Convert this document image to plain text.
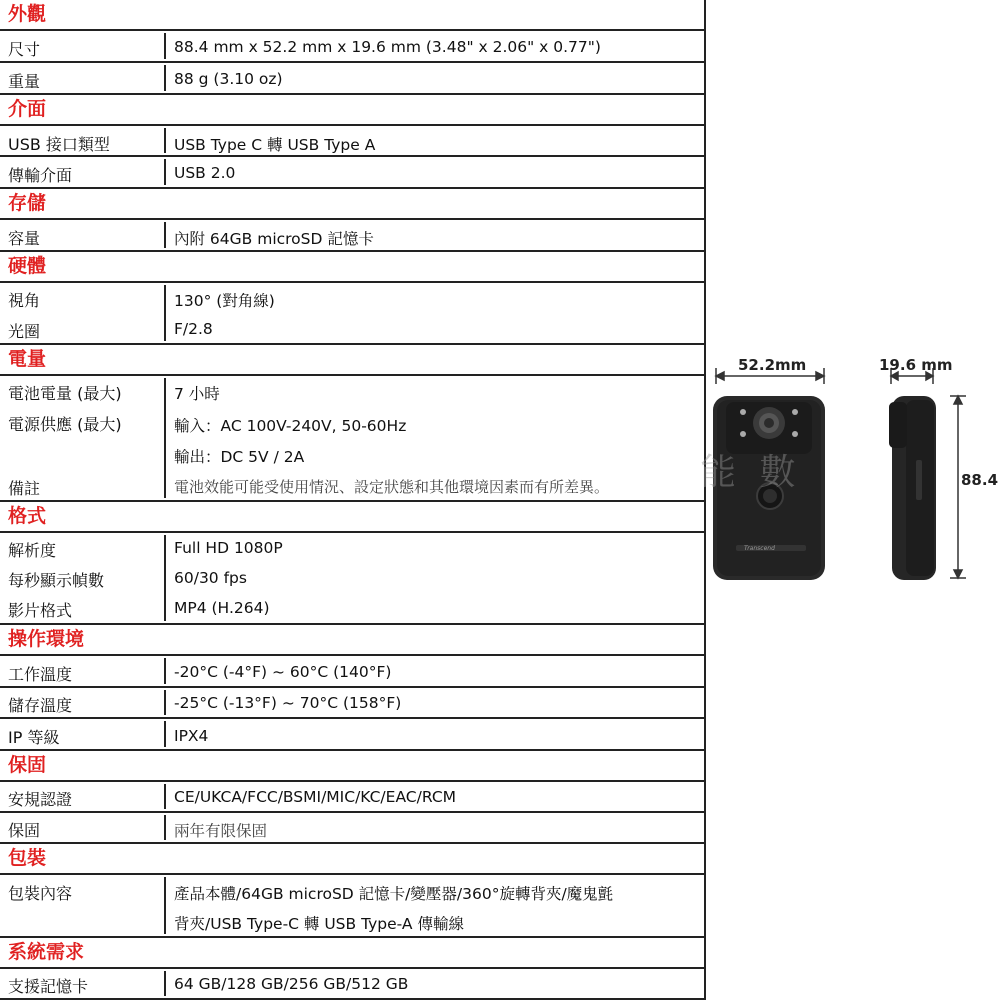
外觀
尺寸	88.4 mm x 52.2 mm x 19.6 mm (3.48" x 2.06" x 0.77")
重量	88 g (3.10 oz)
介面
USB 接口類型	USB Type C 轉 USB Type A
傳輸介面	USB 2.0
存儲
容量	內附 64GB microSD 記憶卡
硬體
視角	130° (對角線)
光圈	F/2.8
電量
電池電量 (最大)	7 小時
電源供應 (最大)	輸入：AC 100V-240V, 50-60Hz
輸出：DC 5V / 2A
備註	電池效能可能受使用情況、設定狀態和其他環境因素而有所差異。
格式
解析度	Full HD 1080P
每秒顯示幀數	60/30 fps
影片格式	MP4 (H.264)
操作環境
工作溫度	-20°C (-4°F) ~ 60°C (140°F)
儲存溫度	-25°C (-13°F) ~ 70°C (158°F)
IP 等級	IPX4
保固
安規認證	CE/UKCA/FCC/BSMI/MIC/KC/EAC/RCM
保固	兩年有限保固
包裝
包裝內容	產品本體/64GB microSD 記憶卡/變壓器/360°旋轉背夾/魔鬼氈
背夾/USB Type-C 轉 USB Type-A 傳輸線
系統需求
支援記憶卡	64 GB/128 GB/256 GB/512 GB
52.2mm	19.6 mm
88.4
Transcend
能 數
